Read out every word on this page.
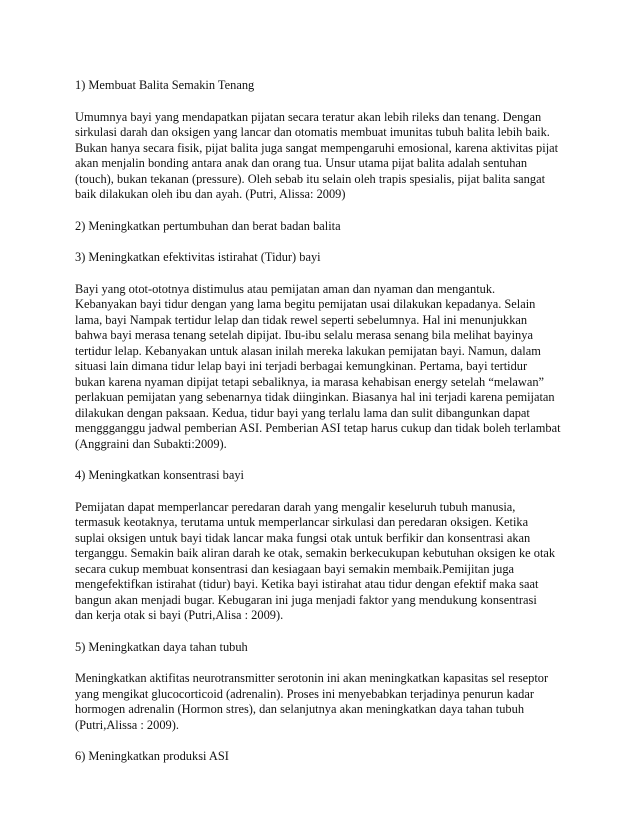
1) Membuat Balita Semakin Tenang
Umumnya bayi yang mendapatkan pijatan secara teratur akan lebih rileks dan tenang. Dengan
sirkulasi darah dan oksigen yang lancar dan otomatis membuat imunitas tubuh balita lebih baik.
Bukan hanya secara fisik, pijat balita juga sangat mempengaruhi emosional, karena aktivitas pijat
akan menjalin bonding antara anak dan orang tua. Unsur utama pijat balita adalah sentuhan
(touch), bukan tekanan (pressure). Oleh sebab itu selain oleh trapis spesialis, pijat balita sangat
baik dilakukan oleh ibu dan ayah. (Putri, Alissa: 2009)
2) Meningkatkan pertumbuhan dan berat badan balita
3) Meningkatkan efektivitas istirahat (Tidur) bayi
Bayi yang otot-ototnya distimulus atau pemijatan aman dan nyaman dan mengantuk.
Kebanyakan bayi tidur dengan yang lama begitu pemijatan usai dilakukan kepadanya. Selain
lama, bayi Nampak tertidur lelap dan tidak rewel seperti sebelumnya. Hal ini menunjukkan
bahwa bayi merasa tenang setelah dipijat. Ibu-ibu selalu merasa senang bila melihat bayinya
tertidur lelap. Kebanyakan untuk alasan inilah mereka lakukan pemijatan bayi. Namun, dalam
situasi lain dimana tidur lelap bayi ini terjadi berbagai kemungkinan. Pertama, bayi tertidur
bukan karena nyaman dipijat tetapi sebaliknya, ia marasa kehabisan energy setelah “melawan”
perlakuan pemijatan yang sebenarnya tidak diinginkan. Biasanya hal ini terjadi karena pemijatan
dilakukan dengan paksaan. Kedua, tidur bayi yang terlalu lama dan sulit dibangunkan dapat
menggganggu jadwal pemberian ASI. Pemberian ASI tetap harus cukup dan tidak boleh terlambat
(Anggraini dan Subakti:2009).
4) Meningkatkan konsentrasi bayi
Pemijatan dapat memperlancar peredaran darah yang mengalir keseluruh tubuh manusia,
termasuk keotaknya, terutama untuk memperlancar sirkulasi dan peredaran oksigen. Ketika
suplai oksigen untuk bayi tidak lancar maka fungsi otak untuk berfikir dan konsentrasi akan
terganggu. Semakin baik aliran darah ke otak, semakin berkecukupan kebutuhan oksigen ke otak
secara cukup membuat konsentrasi dan kesiagaan bayi semakin membaik.Pemijitan juga
mengefektifkan istirahat (tidur) bayi. Ketika bayi istirahat atau tidur dengan efektif maka saat
bangun akan menjadi bugar. Kebugaran ini juga menjadi faktor yang mendukung konsentrasi
dan kerja otak si bayi (Putri,Alisa : 2009).
5) Meningkatkan daya tahan tubuh
Meningkatkan aktifitas neurotransmitter serotonin ini akan meningkatkan kapasitas sel reseptor
yang mengikat glucocorticoid (adrenalin). Proses ini menyebabkan terjadinya penurun kadar
hormogen adrenalin (Hormon stres), dan selanjutnya akan meningkatkan daya tahan tubuh
(Putri,Alissa : 2009).
6) Meningkatkan produksi ASI
